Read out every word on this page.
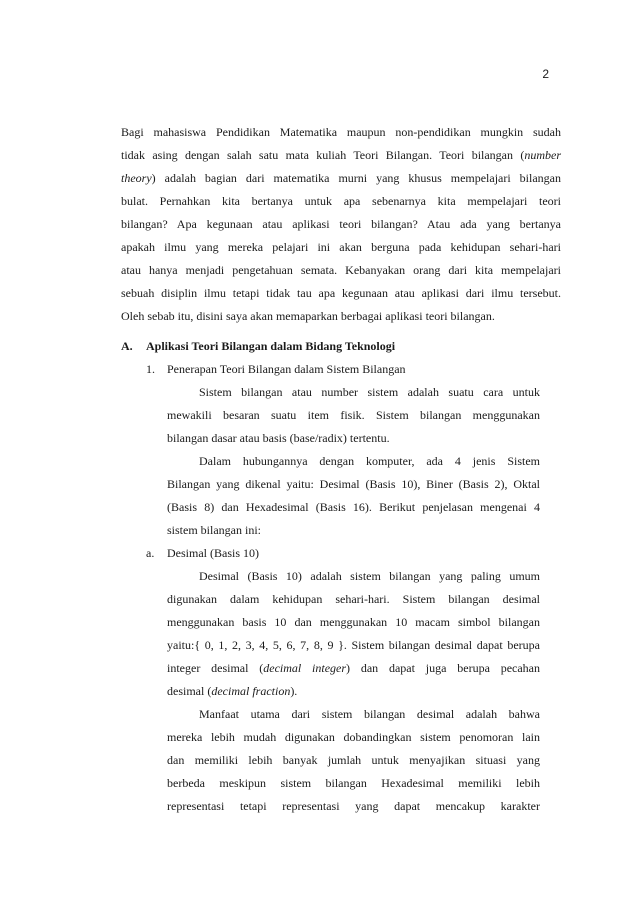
2
Bagi mahasiswa Pendidikan Matematika maupun non-pendidikan mungkin sudah
tidak asing dengan salah satu mata kuliah Teori Bilangan. Teori bilangan (number
theory) adalah bagian dari matematika murni yang khusus mempelajari bilangan
bulat. Pernahkan kita bertanya untuk apa sebenarnya kita mempelajari teori
bilangan? Apa kegunaan atau aplikasi teori bilangan? Atau ada yang bertanya
apakah ilmu yang mereka pelajari ini akan berguna pada kehidupan sehari-hari
atau hanya menjadi pengetahuan semata. Kebanyakan orang dari kita mempelajari
sebuah disiplin ilmu tetapi tidak tau apa kegunaan atau aplikasi dari ilmu tersebut.
Oleh sebab itu, disini saya akan memaparkan berbagai aplikasi teori bilangan.
A. Aplikasi Teori Bilangan dalam Bidang Teknologi
1. Penerapan Teori Bilangan dalam Sistem Bilangan
Sistem bilangan atau number sistem adalah suatu cara untuk
mewakili besaran suatu item fisik. Sistem bilangan menggunakan
bilangan dasar atau basis (base/radix) tertentu.
Dalam hubungannya dengan komputer, ada 4 jenis Sistem
Bilangan yang dikenal yaitu: Desimal (Basis 10), Biner (Basis 2), Oktal
(Basis 8) dan Hexadesimal (Basis 16). Berikut penjelasan mengenai 4
sistem bilangan ini:
a. Desimal (Basis 10)
Desimal (Basis 10) adalah sistem bilangan yang paling umum
digunakan dalam kehidupan sehari-hari. Sistem bilangan desimal
menggunakan basis 10 dan menggunakan 10 macam simbol bilangan
yaitu:{ 0, 1, 2, 3, 4, 5, 6, 7, 8, 9 }. Sistem bilangan desimal dapat berupa
integer desimal (decimal integer) dan dapat juga berupa pecahan
desimal (decimal fraction).
Manfaat utama dari sistem bilangan desimal adalah bahwa
mereka lebih mudah digunakan dobandingkan sistem penomoran lain
dan memiliki lebih banyak jumlah untuk menyajikan situasi yang
berbeda meskipun sistem bilangan Hexadesimal memiliki lebih
representasi tetapi representasi yang dapat mencakup karakter
